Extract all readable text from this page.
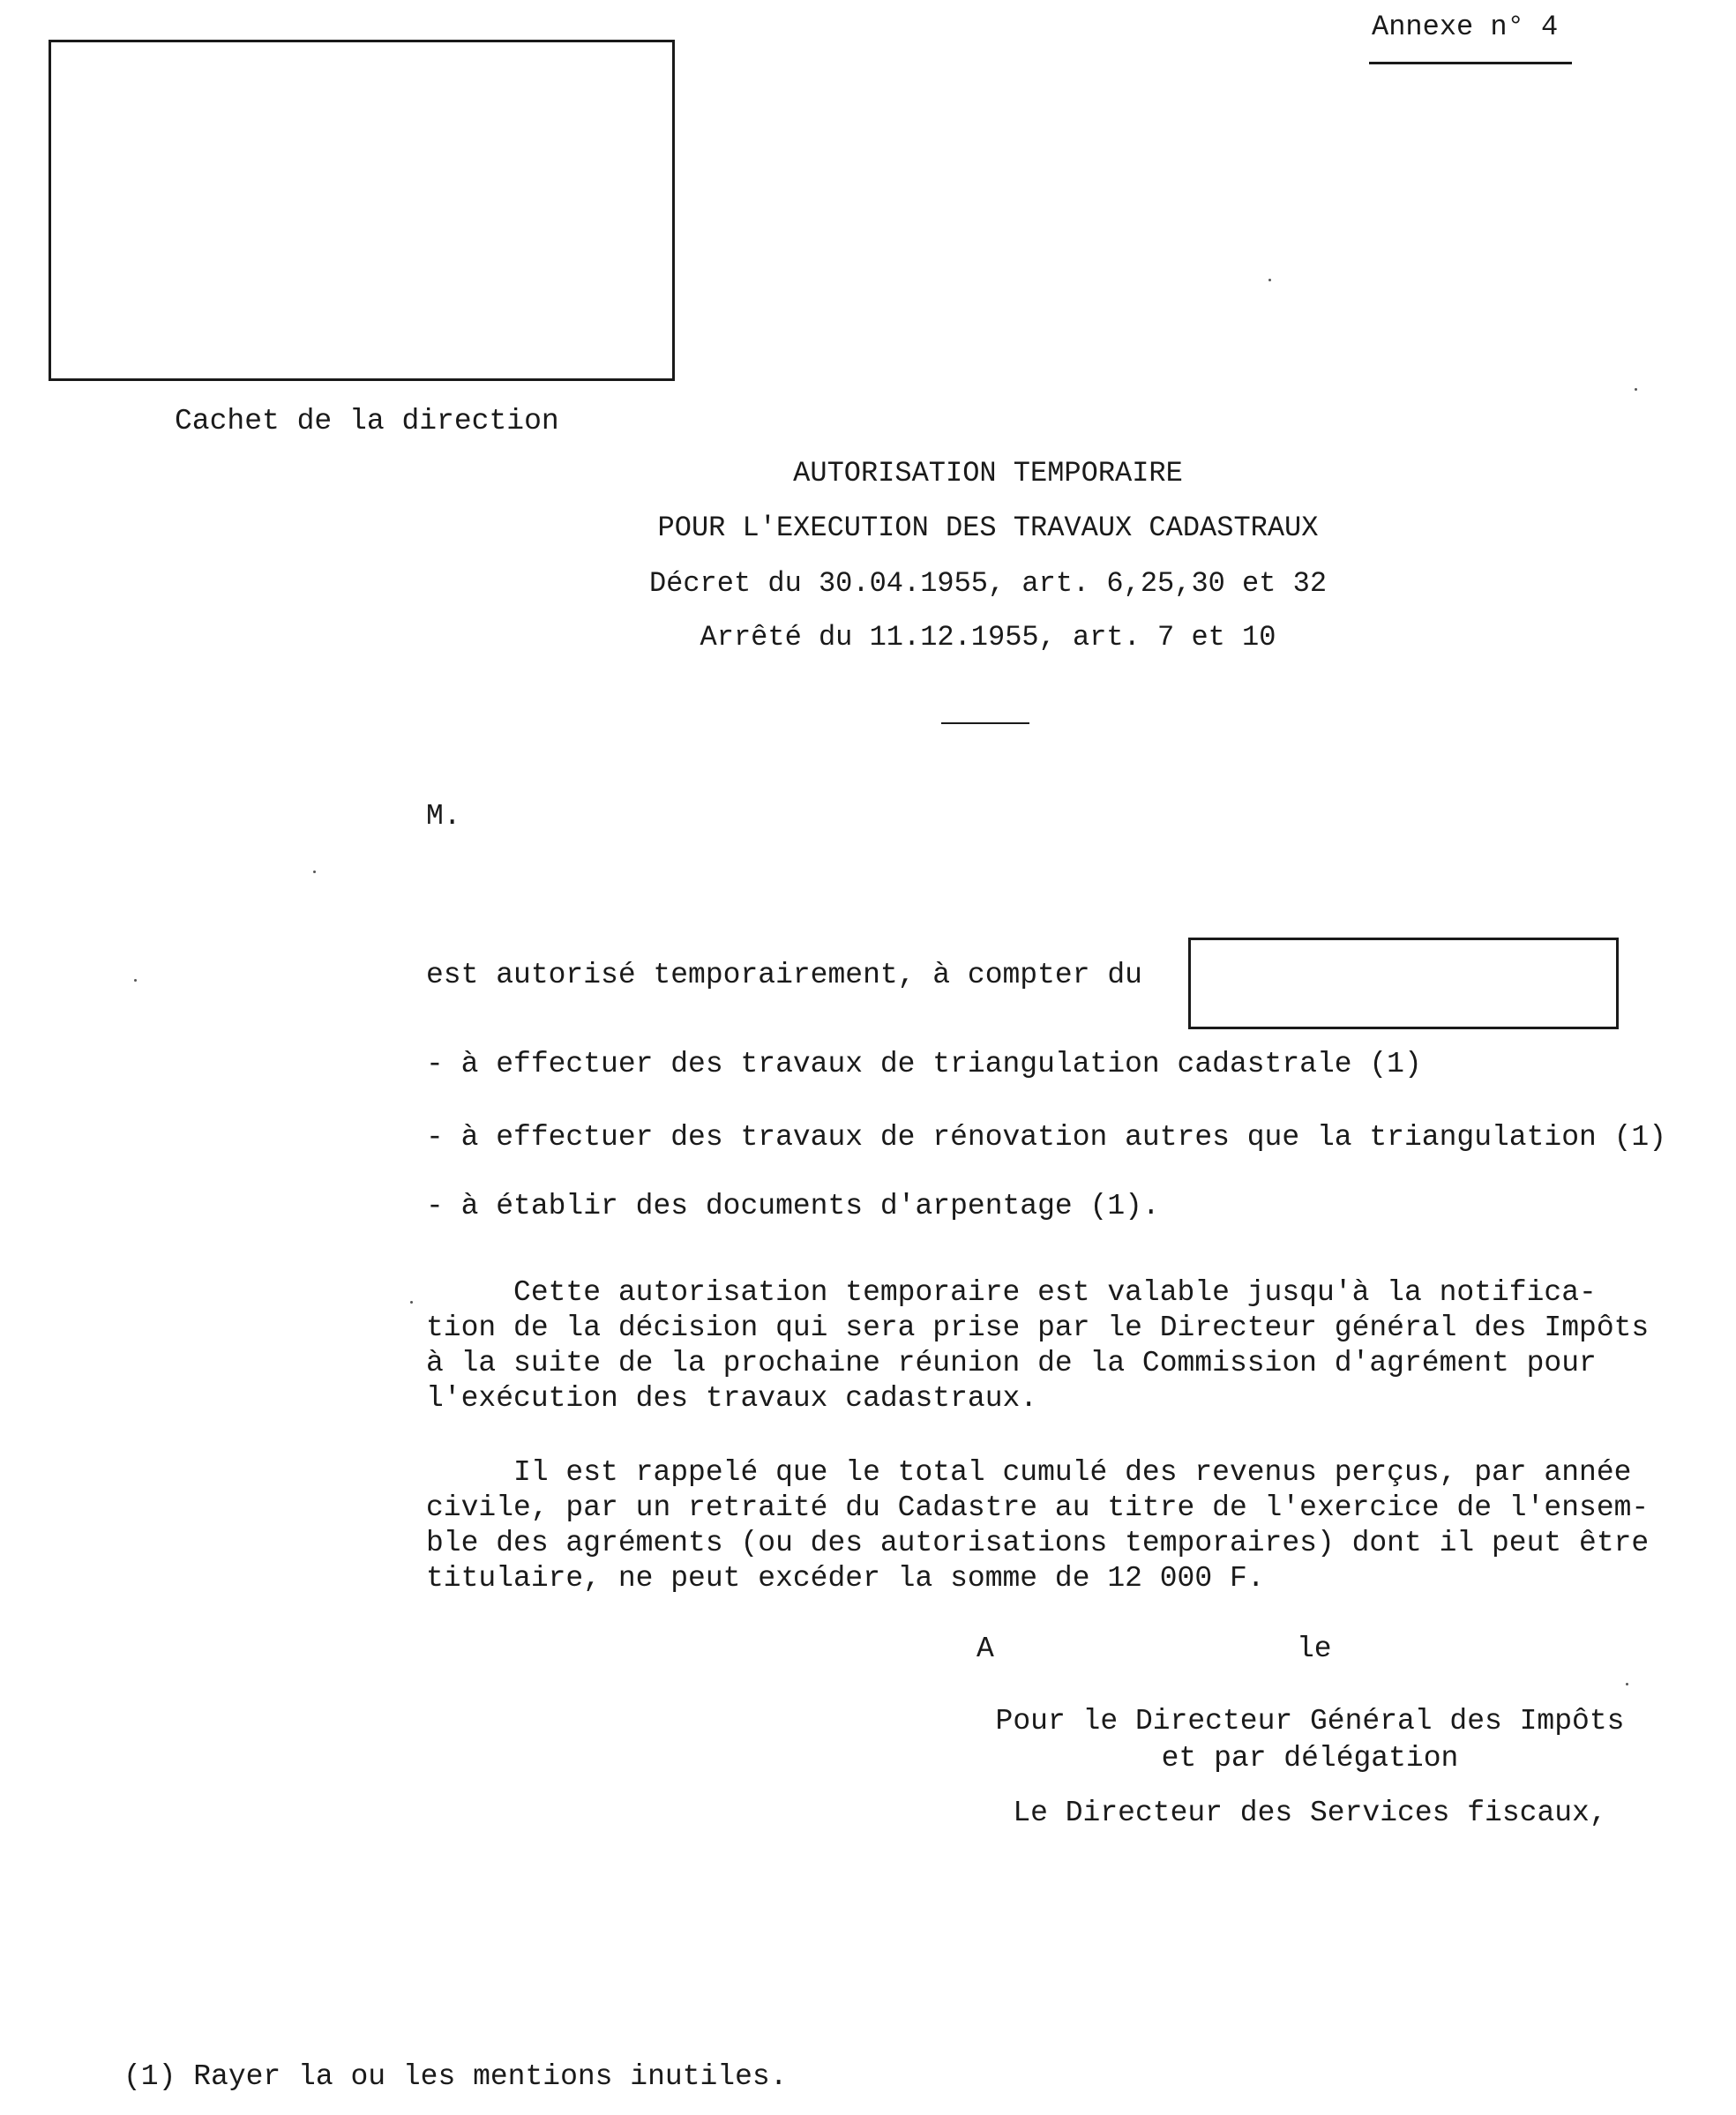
Annexe n° 4
Cachet de la direction
AUTORISATION TEMPORAIRE
POUR L'EXECUTION DES TRAVAUX CADASTRAUX
Décret du 30.04.1955, art. 6,25,30 et 32
Arrêté du 11.12.1955, art. 7 et 10
M.
est autorisé temporairement, à compter du
- à effectuer des travaux de triangulation cadastrale (1)
- à effectuer des travaux de rénovation autres que la triangulation (1)
- à établir des documents d'arpentage (1).
Cette autorisation temporaire est valable jusqu'à la notifica-
tion de la décision qui sera prise par le Directeur général des Impôts
à la suite de la prochaine réunion de la Commission d'agrément pour
l'exécution des travaux cadastraux.
Il est rappelé que le total cumulé des revenus perçus, par année
civile, par un retraité du Cadastre au titre de l'exercice de l'ensem-
ble des agréments (ou des autorisations temporaires) dont il peut être
titulaire, ne peut excéder la somme de 12 000 F.
A	le
Pour le Directeur Général des Impôts
et par délégation
Le Directeur des Services fiscaux,
(1) Rayer la ou les mentions inutiles.
